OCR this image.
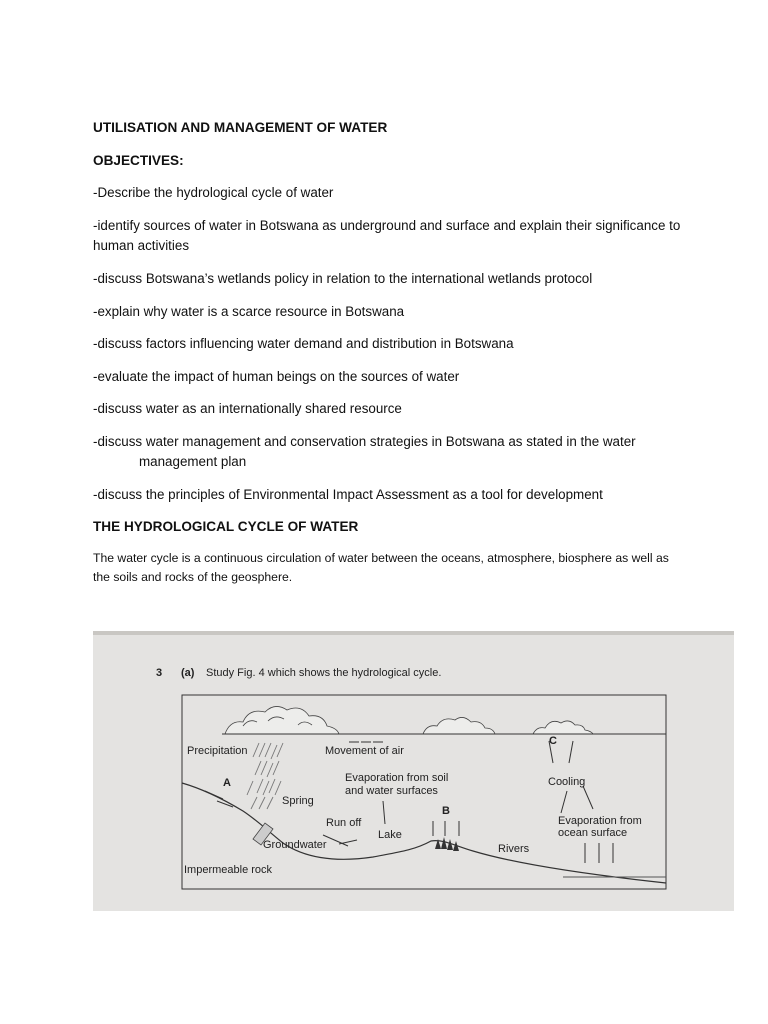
UTILISATION AND MANAGEMENT OF WATER

OBJECTIVES:

-Describe the hydrological cycle of water

-identify sources of water in Botswana as underground and surface and explain their significance to human activities

-discuss Botswana’s wetlands policy in relation to the international wetlands protocol

-explain why water is a scarce resource in Botswana

-discuss factors influencing water demand and distribution in Botswana

-evaluate the impact of human beings on the sources of water

-discuss water as an internationally shared resource

-discuss water management and conservation strategies in Botswana as stated in the water

management plan

-discuss the principles of Environmental Impact Assessment as a tool for development

THE HYDROLOGICAL CYCLE OF WATER

The water cycle is a continuous circulation of water between the oceans, atmosphere, biosphere as well as the soils and rocks of the geosphere.

3 (a) Study Fig. 4 which shows the hydrological cycle.
Precipitation	Movement of air
C
A	Evaporation from soil
and water surfaces
Cooling
Spring
B
Run off
Lake
Evaporation from
ocean surface
Groundwater	Rivers
Impermeable rock
